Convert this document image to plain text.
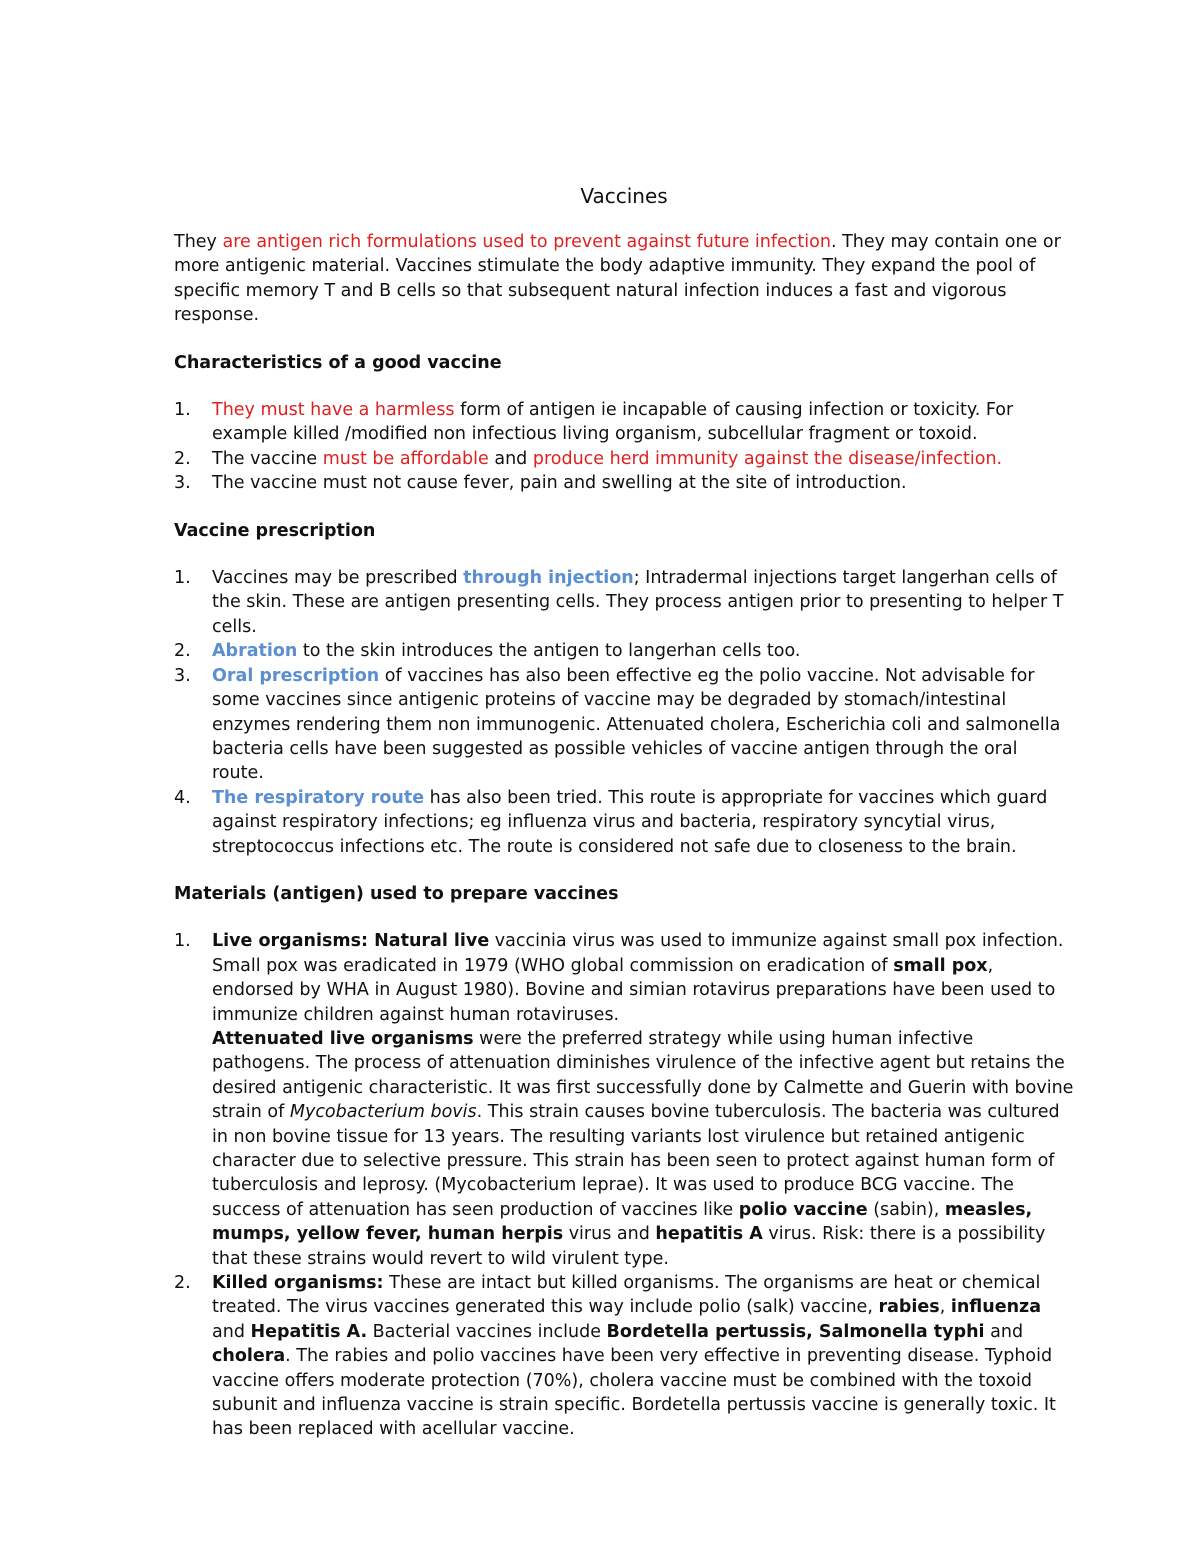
Vaccines

They are antigen rich formulations used to prevent against future infection. They may contain one or more antigenic material. Vaccines stimulate the body adaptive immunity. They expand the pool of specific memory T and B cells so that subsequent natural infection induces a fast and vigorous response.

Characteristics of a good vaccine

1. They must have a harmless form of antigen ie incapable of causing infection or toxicity. For example killed /modified non infectious living organism, subcellular fragment or toxoid.
2. The vaccine must be affordable and produce herd immunity against the disease/infection.
3. The vaccine must not cause fever, pain and swelling at the site of introduction.

Vaccine prescription

1. Vaccines may be prescribed through injection; Intradermal injections target langerhan cells of the skin. These are antigen presenting cells. They process antigen prior to presenting to helper T cells.
2. Abration to the skin introduces the antigen to langerhan cells too.
3. Oral prescription of vaccines has also been effective eg the polio vaccine. Not advisable for some vaccines since antigenic proteins of vaccine may be degraded by stomach/intestinal enzymes rendering them non immunogenic. Attenuated cholera, Escherichia coli and salmonella bacteria cells have been suggested as possible vehicles of vaccine antigen through the oral route.
4. The respiratory route has also been tried. This route is appropriate for vaccines which guard against respiratory infections; eg influenza virus and bacteria, respiratory syncytial virus, streptococcus infections etc. The route is considered not safe due to closeness to the brain.

Materials (antigen) used to prepare vaccines

1. Live organisms: Natural live vaccinia virus was used to immunize against small pox infection. Small pox was eradicated in 1979 (WHO global commission on eradication of small pox, endorsed by WHA in August 1980). Bovine and simian rotavirus preparations have been used to immunize children against human rotaviruses.
Attenuated live organisms were the preferred strategy while using human infective pathogens. The process of attenuation diminishes virulence of the infective agent but retains the desired antigenic characteristic. It was first successfully done by Calmette and Guerin with bovine strain of Mycobacterium bovis. This strain causes bovine tuberculosis. The bacteria was cultured in non bovine tissue for 13 years. The resulting variants lost virulence but retained antigenic character due to selective pressure. This strain has been seen to protect against human form of tuberculosis and leprosy. (Mycobacterium leprae). It was used to produce BCG vaccine. The success of attenuation has seen production of vaccines like polio vaccine (sabin), measles, mumps, yellow fever, human herpis virus and hepatitis A virus. Risk: there is a possibility that these strains would revert to wild virulent type.
2. Killed organisms: These are intact but killed organisms. The organisms are heat or chemical treated. The virus vaccines generated this way include polio (salk) vaccine, rabies, influenza and Hepatitis A. Bacterial vaccines include Bordetella pertussis, Salmonella typhi and cholera. The rabies and polio vaccines have been very effective in preventing disease. Typhoid vaccine offers moderate protection (70%), cholera vaccine must be combined with the toxoid subunit and influenza vaccine is strain specific. Bordetella pertussis vaccine is generally toxic. It has been replaced with acellular vaccine.
